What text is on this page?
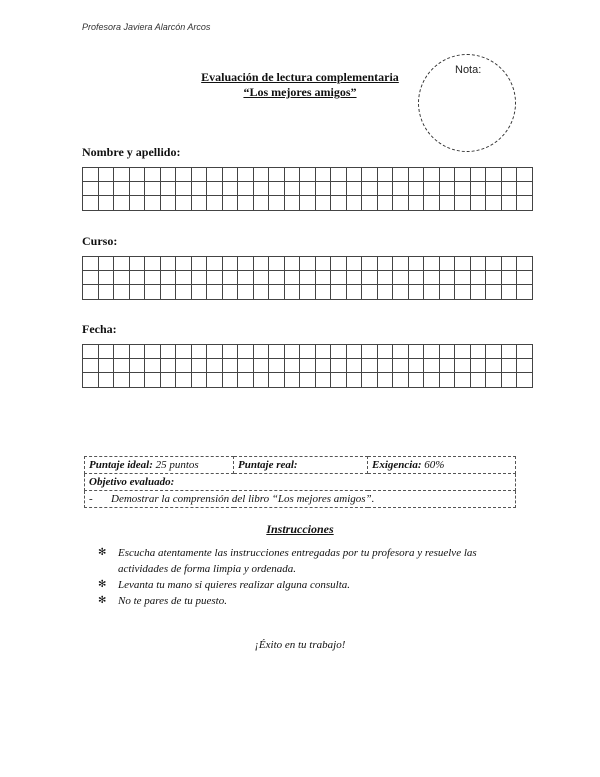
Profesora Javiera Alarcón Arcos
Evaluación de lectura complementaria
“Los mejores amigos”
Nota:
Nombre y apellido:

Curso:

Fecha:

Puntaje ideal: 25 puntos	Puntaje real:	Exigencia: 60%
Objetivo evaluado:
- Demostrar la comprensión del libro “Los mejores amigos”.
Instrucciones
✻ Escucha atentamente las instrucciones entregadas por tu profesora y resuelve las actividades de forma limpia y ordenada.
✻ Levanta tu mano si quieres realizar alguna consulta.
✻ No te pares de tu puesto.
¡Éxito en tu trabajo!
